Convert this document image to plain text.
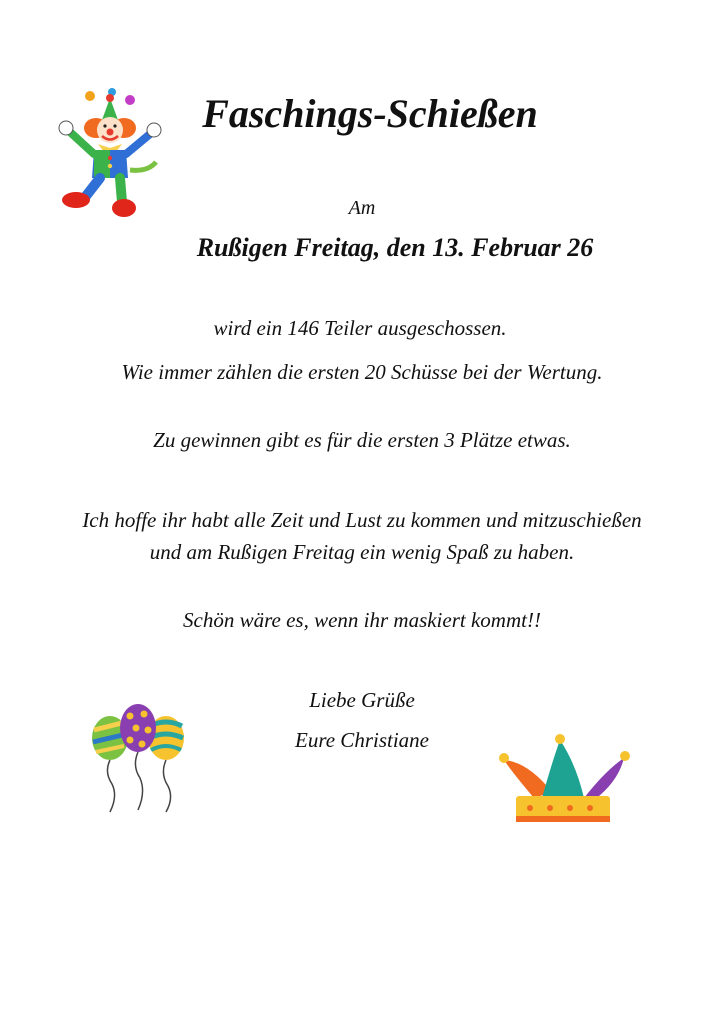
Faschings-Schießen
Am
Rußigen Freitag, den 13. Februar 26
wird ein 146 Teiler ausgeschossen.
Wie immer zählen die ersten 20 Schüsse bei der Wertung.
Zu gewinnen gibt es für die ersten 3 Plätze etwas.
Ich hoffe ihr habt alle Zeit und Lust zu kommen und mitzuschießen und am Rußigen Freitag ein wenig Spaß zu haben.
Schön wäre es, wenn ihr maskiert kommt!!
Liebe Grüße
Eure Christiane
